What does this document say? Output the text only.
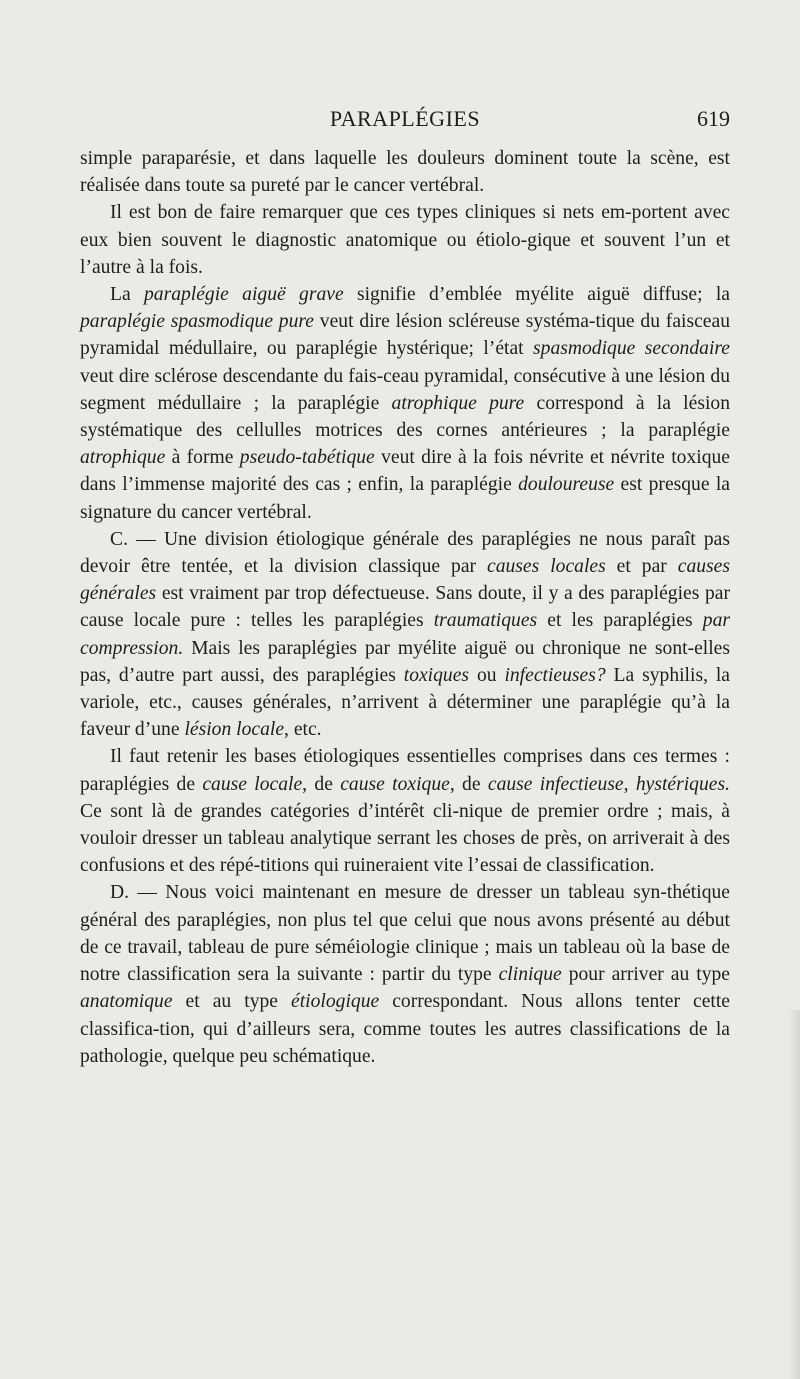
PARAPLÉGIES	619

simple paraparésie, et dans laquelle les douleurs dominent toute la scène, est réalisée dans toute sa pureté par le cancer vertébral.

Il est bon de faire remarquer que ces types cliniques si nets em-portent avec eux bien souvent le diagnostic anatomique ou étiolo-gique et souvent l’un et l’autre à la fois.

La paraplégie aiguë grave signifie d’emblée myélite aiguë diffuse; la paraplégie spasmodique pure veut dire lésion scléreuse systéma-tique du faisceau pyramidal médullaire, ou paraplégie hystérique; l’état spasmodique secondaire veut dire sclérose descendante du fais-ceau pyramidal, consécutive à une lésion du segment médullaire ; la paraplégie atrophique pure correspond à la lésion systématique des cellulles motrices des cornes antérieures ; la paraplégie atrophique à forme pseudo-tabétique veut dire à la fois névrite et névrite toxique dans l’immense majorité des cas ; enfin, la paraplégie douloureuse est presque la signature du cancer vertébral.

C. — Une division étiologique générale des paraplégies ne nous paraît pas devoir être tentée, et la division classique par causes locales et par causes générales est vraiment par trop défectueuse. Sans doute, il y a des paraplégies par cause locale pure : telles les paraplégies traumatiques et les paraplégies par compression. Mais les paraplégies par myélite aiguë ou chronique ne sont-elles pas, d’autre part aussi, des paraplégies toxiques ou infectieuses? La syphilis, la variole, etc., causes générales, n’arrivent à déterminer une paraplégie qu’à la faveur d’une lésion locale, etc.

Il faut retenir les bases étiologiques essentielles comprises dans ces termes : paraplégies de cause locale, de cause toxique, de cause infectieuse, hystériques. Ce sont là de grandes catégories d’intérêt cli-nique de premier ordre ; mais, à vouloir dresser un tableau analytique serrant les choses de près, on arriverait à des confusions et des répé-titions qui ruineraient vite l’essai de classification.

D. — Nous voici maintenant en mesure de dresser un tableau syn-thétique général des paraplégies, non plus tel que celui que nous avons présenté au début de ce travail, tableau de pure séméiologie clinique ; mais un tableau où la base de notre classification sera la suivante : partir du type clinique pour arriver au type anatomique et au type étiologique correspondant. Nous allons tenter cette classifica-tion, qui d’ailleurs sera, comme toutes les autres classifications de la pathologie, quelque peu schématique.
